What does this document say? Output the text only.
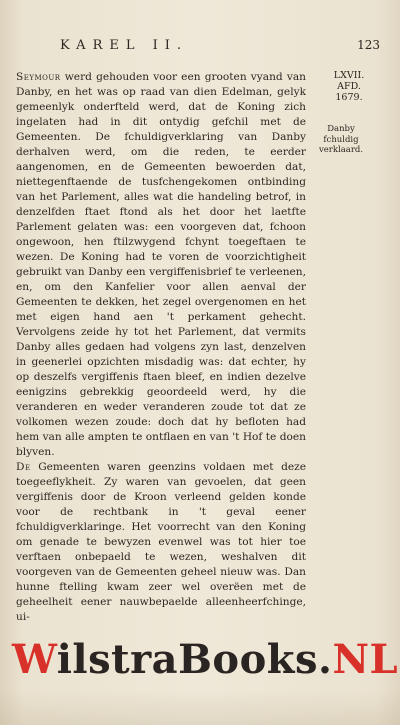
KAREL II.	123
LXVII.
AFD.
1679.
Danby
fchuldig
verklaard.

Seymour werd gehouden voor een grooten vyand van Danby, en het was op raad van dien Edelman, gelyk gemeenlyk onderfteld werd, dat de Koning zich ingelaten had in dit ontydig gefchil met de Gemeenten. De fchuldigverklaring van Danby derhalven werd, om die reden, te eerder aangenomen, en de Gemeenten bewoerden dat, niettegenftaende de tusfchengekomen ontbinding van het Parlement, alles wat die handeling betrof, in denzelfden ftaet ftond als het door het laetfte Parlement gelaten was: een voorgeven dat, fchoon ongewoon, hen ftilzwygend fchynt toegeftaen te wezen. De Koning had te voren de voorzichtigheit gebruikt van Danby een vergiffenisbrief te verleenen, en, om den Kanfelier voor allen aenval der Gemeenten te dekken, het zegel overgenomen en het met eigen hand aen 't perkament gehecht. Vervolgens zeide hy tot het Parlement, dat vermits Danby alles gedaen had volgens zyn last, denzelven in geenerlei opzichten misdadig was: dat echter, hy op deszelfs vergiffenis ftaen bleef, en indien dezelve eenigzins gebrekkig geoordeeld werd, hy die veranderen en weder veranderen zoude tot dat ze volkomen wezen zoude: doch dat hy befloten had hem van alle ampten te ontflaen en van 't Hof te doen blyven.

De Gemeenten waren geenzins voldaen met deze toegeeflykheit. Zy waren van gevoelen, dat geen vergiffenis door de Kroon verleend gelden konde voor de rechtbank in 't geval eener fchuldigverklaringe. Het voorrecht van den Koning om genade te bewyzen evenwel was tot hier toe verftaen onbepaeld te wezen, weshalven dit voorgeven van de Gemeenten geheel nieuw was. Dan hunne ftelling kwam zeer wel overëen met de geheelheit eener nauwbepaelde alleenheerfchinge, ui-

WilstraBooks.NL
